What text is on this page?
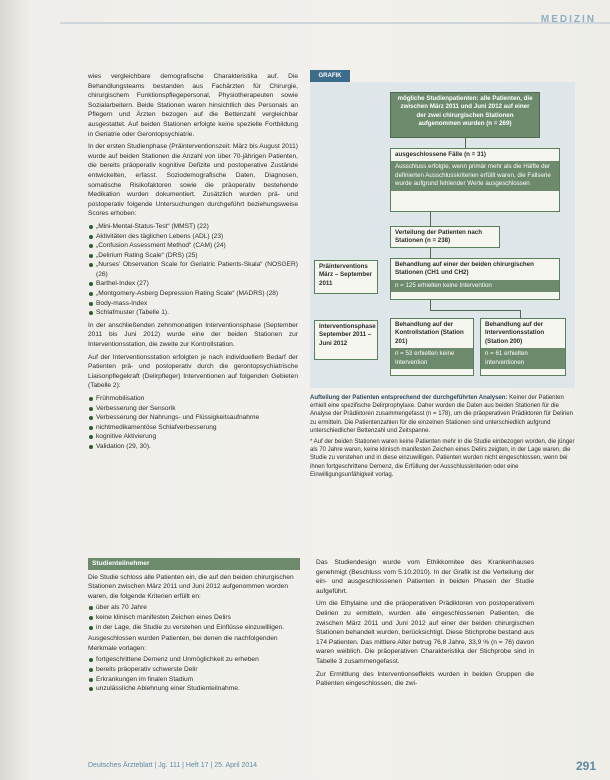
MEDIZIN

wies vergleichbare demografische Charakteristika auf. Die Behandlungsteams bestanden aus Fachärzten für Chirurgie, chirurgischem Funktionspflegepersonal, Physiotherapeuten sowie Sozialarbeitern. Beide Stationen waren hinsichtlich des Personals an Pflegern und Ärzten bezogen auf die Bettenzahl vergleichbar ausgestattet. Auf beiden Stationen erfolgte keine spezielle Fortbildung in Geriatrie oder Gerontopsychiatrie.

In der ersten Studienphase (Präinterventionszeit: März bis August 2011) wurde auf beiden Stationen die Anzahl von über 70-jährigen Patienten, die bereits präoperativ kognitive Defizite und postoperative Zustände entwickelten, erfasst. Soziodemografische Daten, Diagnosen, somatische Risikofaktoren sowie die präoperativ bestehende Medikation wurden dokumentiert. Zusätzlich wurden prä- und postoperativ folgende Untersuchungen durchgeführt beziehungsweise Scores erhoben:

„Mini-Mental-Status-Test“ (MMST) (22)
Aktivitäten des täglichen Lebens (ADL) (23)
„Confusion Assessment Method“ (CAM) (24)
„Delirium Rating Scale“ (DRS) (25)
„Nurses' Observation Scale for Geriatric Patients-Skala“ (NOSGER) (26)
Barthel-Index (27)
„Montgomery-Asberg Depression Rating Scale“ (MADRS) (28)
Body-mass-Index
Schlafmuster (Tabelle 1).

In der anschließenden zehnmonatigen Interventionsphase (September 2011 bis Juni 2012) wurde eine der beiden Stationen zur Interventionsstation, die zweite zur Kontrollstation.

Auf der Interventionsstation erfolgten je nach individuellem Bedarf der Patienten prä- und postoperativ durch die gerontopsychiatrische Liaisonpflegekraft (Delirpfleger) Interventionen auf folgenden Gebieten (Tabelle 2):

Frühmobilisation
Verbesserung der Sensorik
Verbesserung der Nahrungs- und Flüssigkeitsaufnahme
nichtmedikamentöse Schlafverbesserung
kognitive Aktivierung
Validation (29, 30).
GRAFIK
mögliche Studienpatienten: alle Patienten, die zwischen März 2011 und Juni 2012 auf einer der zwei chirurgischen Stationen aufgenommen wurden (n = 269)
ausgeschlossene Fälle (n = 31)
Ausschluss erfolgte, wenn primär mehr als die Hälfte der definierten Ausschlusskriterien erfüllt waren, die Fallserie wurde aufgrund fehlender Werte ausgeschlossen
Verteilung der Patienten nach Stationen (n = 238)
Präinterventions März – September 2011
Behandlung auf einer der beiden chirurgischen Stationen (CH1 und CH2)
n = 125 erhielten keine Intervention
Interventionsphase September 2011 – Juni 2012
Behandlung auf der Kontrollstation (Station 201)
n = 53 erhielten keine Intervention
Behandlung auf der Interventionsstation (Station 200)
n = 61 erhielten Interventionen
Aufteilung der Patienten entsprechend der durchgeführten Analysen: Keiner der Patienten erhielt eine spezifische Delirprophylaxe. Daher wurden die Daten aus beiden Stationen für die Analyse der Prädiktoren zusammengefasst (n = 178), um die präoperativen Prädiktoren für Delirien zu ermitteln. Die Patientenzahlen für die einzelnen Stationen sind unterschiedlich aufgrund unterschiedlicher Bettenzahl und Zeitspanne.
* Auf der beiden Stationen waren keine Patienten mehr in die Studie einbezogen worden, die jünger als 70 Jahre waren, keine klinisch manifesten Zeichen eines Delirs zeigten, in der Lage waren, die Studie zu verstehen und in diese einzuwilligen. Patienten wurden nicht eingeschlossen, wenn bei ihnen fortgeschrittene Demenz, die Erfüllung der Ausschlusskriterien oder eine Einwilligungsunfähigkeit vorlag.
Studienteilnehmer

Die Studie schloss alle Patienten ein, die auf den beiden chirurgischen Stationen zwischen März 2011 und Juni 2012 aufgenommen worden waren, die folgende Kriterien erfüllt en:

über als 70 Jahre
keine klinisch manifesten Zeichen eines Delirs
in der Lage, die Studie zu verstehen und Einflüsse einzuwilligen.

Ausgeschlossen wurden Patienten, bei denen die nachfolgenden Merkmale vorlagen:

fortgeschrittene Demenz und Unmöglichkeit zu erheben
bereits präoperativ schwerste Delir
Erkrankungen im finalen Stadium
unzulässliche Ablehnung einer Studienteilnahme.

Das Studiendesign wurde vom Ethikkomitee des Krankenhauses genehmigt (Beschluss vom 5.10.2010). In der Grafik ist die Verteilung der ein- und ausgeschlossenen Patienten in beiden Phasen der Studie aufgeführt.

Um die Ethylaine und die präoperativen Prädiktoren von postoperativem Delirien zu ermitteln, wurden alle eingeschlossenen Patienten, die zwischen März 2011 und Juni 2012 auf einer der beiden chirurgischen Stationen behandelt wurden, berücksichtigt. Diese Stichprobe bestand aus 174 Patienten. Das mittlere Alter betrug 76,8 Jahre, 33,9 % (n = 76) davon waren weiblich. Die präoperativen Charakteristika der Stichprobe sind in Tabelle 3 zusammengefasst.

Zur Ermittlung des Interventionseffekts wurden in beiden Gruppen die Patienten eingeschlossen, die zwi-

Deutsches Ärzteblatt | Jg. 111 | Heft 17 | 25. April 2014	291
